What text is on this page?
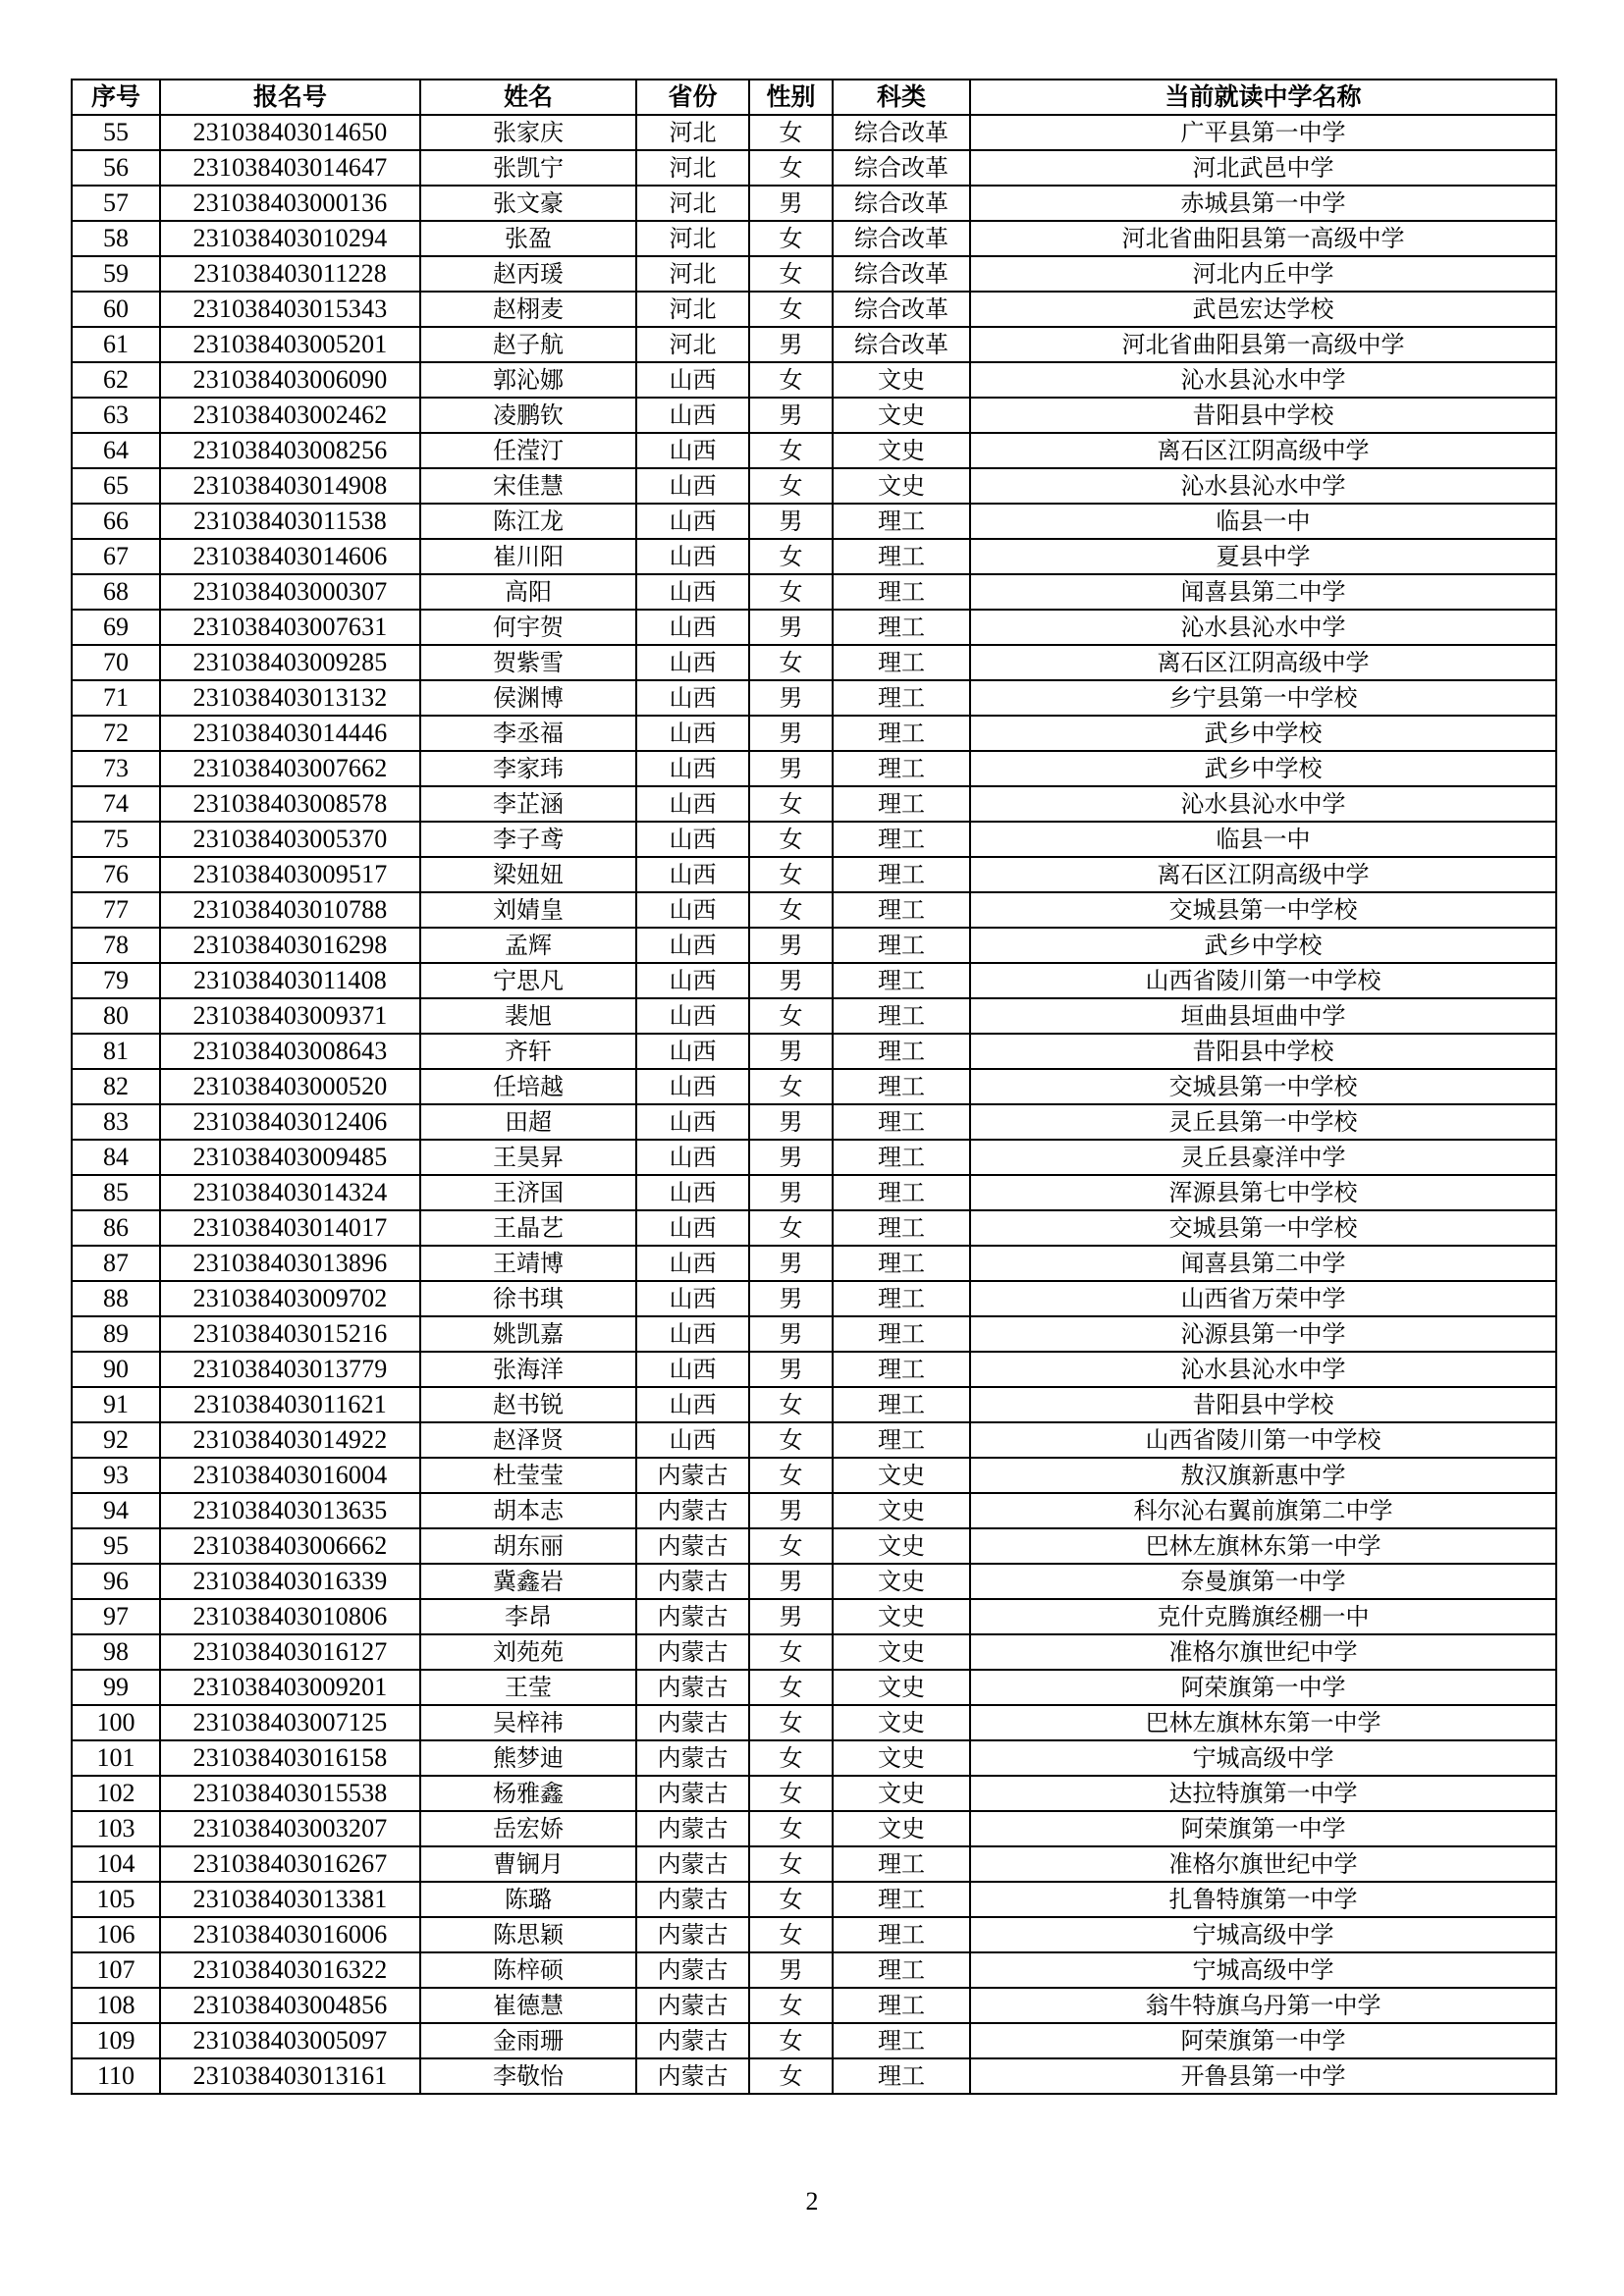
序号	报名号	姓名	省份	性别	科类	当前就读中学名称
55	231038403014650	张家庆	河北	女	综合改革	广平县第一中学
56	231038403014647	张凯宁	河北	女	综合改革	河北武邑中学
57	231038403000136	张文豪	河北	男	综合改革	赤城县第一中学
58	231038403010294	张盈	河北	女	综合改革	河北省曲阳县第一高级中学
59	231038403011228	赵丙瑗	河北	女	综合改革	河北内丘中学
60	231038403015343	赵栩麦	河北	女	综合改革	武邑宏达学校
61	231038403005201	赵子航	河北	男	综合改革	河北省曲阳县第一高级中学
62	231038403006090	郭沁娜	山西	女	文史	沁水县沁水中学
63	231038403002462	凌鹏钦	山西	男	文史	昔阳县中学校
64	231038403008256	任滢汀	山西	女	文史	离石区江阴高级中学
65	231038403014908	宋佳慧	山西	女	文史	沁水县沁水中学
66	231038403011538	陈江龙	山西	男	理工	临县一中
67	231038403014606	崔川阳	山西	女	理工	夏县中学
68	231038403000307	高阳	山西	女	理工	闻喜县第二中学
69	231038403007631	何宇贺	山西	男	理工	沁水县沁水中学
70	231038403009285	贺紫雪	山西	女	理工	离石区江阴高级中学
71	231038403013132	侯渊博	山西	男	理工	乡宁县第一中学校
72	231038403014446	李丞福	山西	男	理工	武乡中学校
73	231038403007662	李家玮	山西	男	理工	武乡中学校
74	231038403008578	李芷涵	山西	女	理工	沁水县沁水中学
75	231038403005370	李子鸢	山西	女	理工	临县一中
76	231038403009517	梁妞妞	山西	女	理工	离石区江阴高级中学
77	231038403010788	刘婧皇	山西	女	理工	交城县第一中学校
78	231038403016298	孟辉	山西	男	理工	武乡中学校
79	231038403011408	宁思凡	山西	男	理工	山西省陵川第一中学校
80	231038403009371	裴旭	山西	女	理工	垣曲县垣曲中学
81	231038403008643	齐轩	山西	男	理工	昔阳县中学校
82	231038403000520	任培越	山西	女	理工	交城县第一中学校
83	231038403012406	田超	山西	男	理工	灵丘县第一中学校
84	231038403009485	王昊昇	山西	男	理工	灵丘县豪洋中学
85	231038403014324	王济国	山西	男	理工	浑源县第七中学校
86	231038403014017	王晶艺	山西	女	理工	交城县第一中学校
87	231038403013896	王靖博	山西	男	理工	闻喜县第二中学
88	231038403009702	徐书琪	山西	男	理工	山西省万荣中学
89	231038403015216	姚凯嘉	山西	男	理工	沁源县第一中学
90	231038403013779	张海洋	山西	男	理工	沁水县沁水中学
91	231038403011621	赵书锐	山西	女	理工	昔阳县中学校
92	231038403014922	赵泽贤	山西	女	理工	山西省陵川第一中学校
93	231038403016004	杜莹莹	内蒙古	女	文史	敖汉旗新惠中学
94	231038403013635	胡本志	内蒙古	男	文史	科尔沁右翼前旗第二中学
95	231038403006662	胡东丽	内蒙古	女	文史	巴林左旗林东第一中学
96	231038403016339	冀鑫岩	内蒙古	男	文史	奈曼旗第一中学
97	231038403010806	李昂	内蒙古	男	文史	克什克腾旗经棚一中
98	231038403016127	刘苑苑	内蒙古	女	文史	准格尔旗世纪中学
99	231038403009201	王莹	内蒙古	女	文史	阿荣旗第一中学
100	231038403007125	吴梓祎	内蒙古	女	文史	巴林左旗林东第一中学
101	231038403016158	熊梦迪	内蒙古	女	文史	宁城高级中学
102	231038403015538	杨雅鑫	内蒙古	女	文史	达拉特旗第一中学
103	231038403003207	岳宏娇	内蒙古	女	文史	阿荣旗第一中学
104	231038403016267	曹锎月	内蒙古	女	理工	准格尔旗世纪中学
105	231038403013381	陈璐	内蒙古	女	理工	扎鲁特旗第一中学
106	231038403016006	陈思颖	内蒙古	女	理工	宁城高级中学
107	231038403016322	陈梓硕	内蒙古	男	理工	宁城高级中学
108	231038403004856	崔德慧	内蒙古	女	理工	翁牛特旗乌丹第一中学
109	231038403005097	金雨珊	内蒙古	女	理工	阿荣旗第一中学
110	231038403013161	李敬怡	内蒙古	女	理工	开鲁县第一中学
2
